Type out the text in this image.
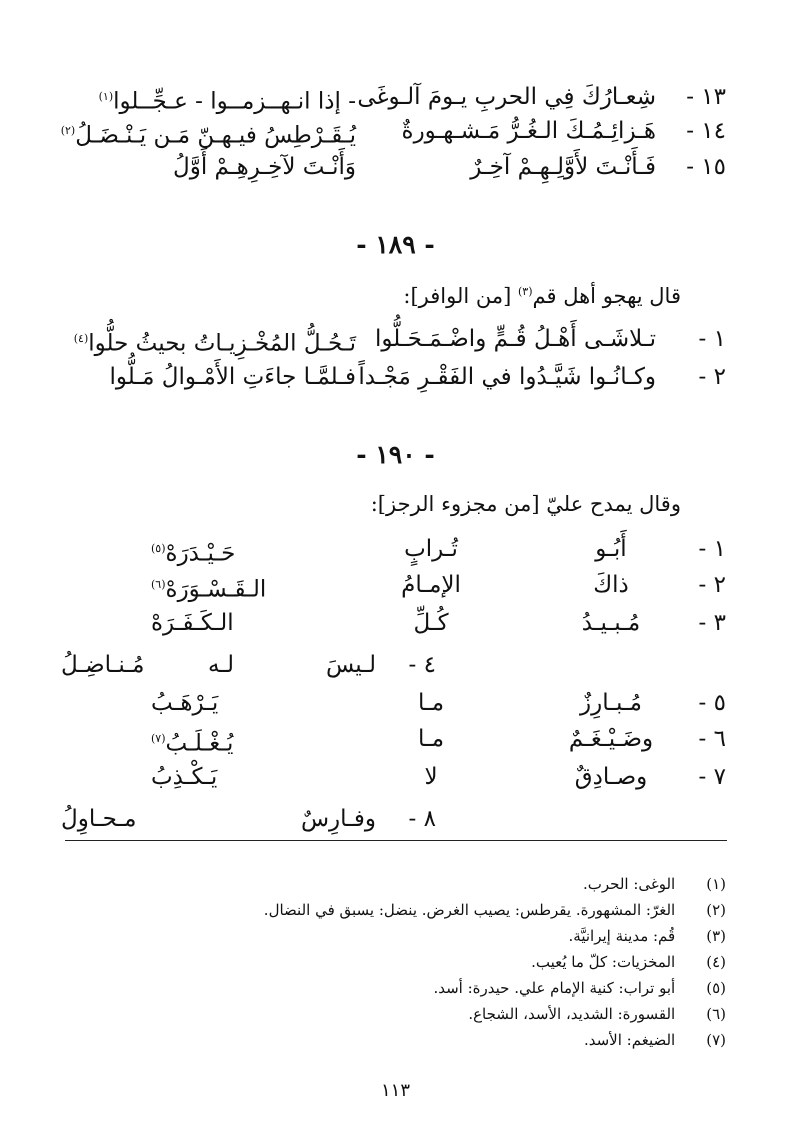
١٣ -
شِعـارُكَ فِي الحربِ يـومَ آلـوغَى
- إذا انـهــزمــوا - عـجِّــلوا$^{(١)}$
١٤ -
هَـزائِـمُـكَ الـغُـرُّ مَـشـهـورةٌ
يُـقَـرْطِسُ فيـهـنّ مَـن يَـنْـضَـلُ$^{(٢)}$
١٥ -
فَـأَنْـتَ لأَوَّلِـهِـمْ آخِـرٌ
وَأَنْـتَ لآخِـرِهِـمْ أَوَّلُ
- ١٨٩ -
قال يهجو أهل قم$^{(٣)}$ [من الوافر]:
١ -
تـلاشَـى أَهْـلُ قُـمٍّ واضْـمَـحَـلُّوا
تَـحُـلُّ المُخْـزِيـاتُ بحيثُ حلُّوا$^{(٤)}$
٢ -
وكـانُـوا شَيَّـدُوا في الفَقْـرِ مَجْـداً
فـلمَّـا جاءَتِ الأَمْـوالُ مَـلُّوا
- ١٩٠ -
وقال يمدح عليّ [من مجزوء الرجز]:
١ -
أَبُـو
تُـرابٍ
حَـيْـدَرَهْ$^{(٥)}$
٢ -
ذاكَ
الإمـامُ
الـقَـسْـوَرَهْ$^{(٦)}$
٣ -
مُـبـيـدُ
كُـلِّ
الـكَـفَـرَهْ
٤ -
لـيسَ
لـه
مُـنـاضِـلُ
٥ -
مُـبـارِزٌ
مـا
يَـرْهَـبُ
٦ -
وضَـيْـغَـمٌ
مـا
يُـغْـلَـبُ$^{(٧)}$
٧ -
وصـادِقٌ
لا
يَـكْـذِبُ
٨ -
وفـارِسٌ
مـحـاوِلُ
(١) الوغى: الحرب.
(٢) الغرّ: المشهورة. يقرطس: يصيب الغرض. ينضل: يسبق في النضال.
(٣) قُم: مدينة إيرانيَّة.
(٤) المخزيات: كلّ ما يُعيب.
(٥) أبو تراب: كنية الإمام علي. حيدرة: أسد.
(٦) القسورة: الشديد، الأسد، الشجاع.
(٧) الضيغم: الأسد.
١١٣
